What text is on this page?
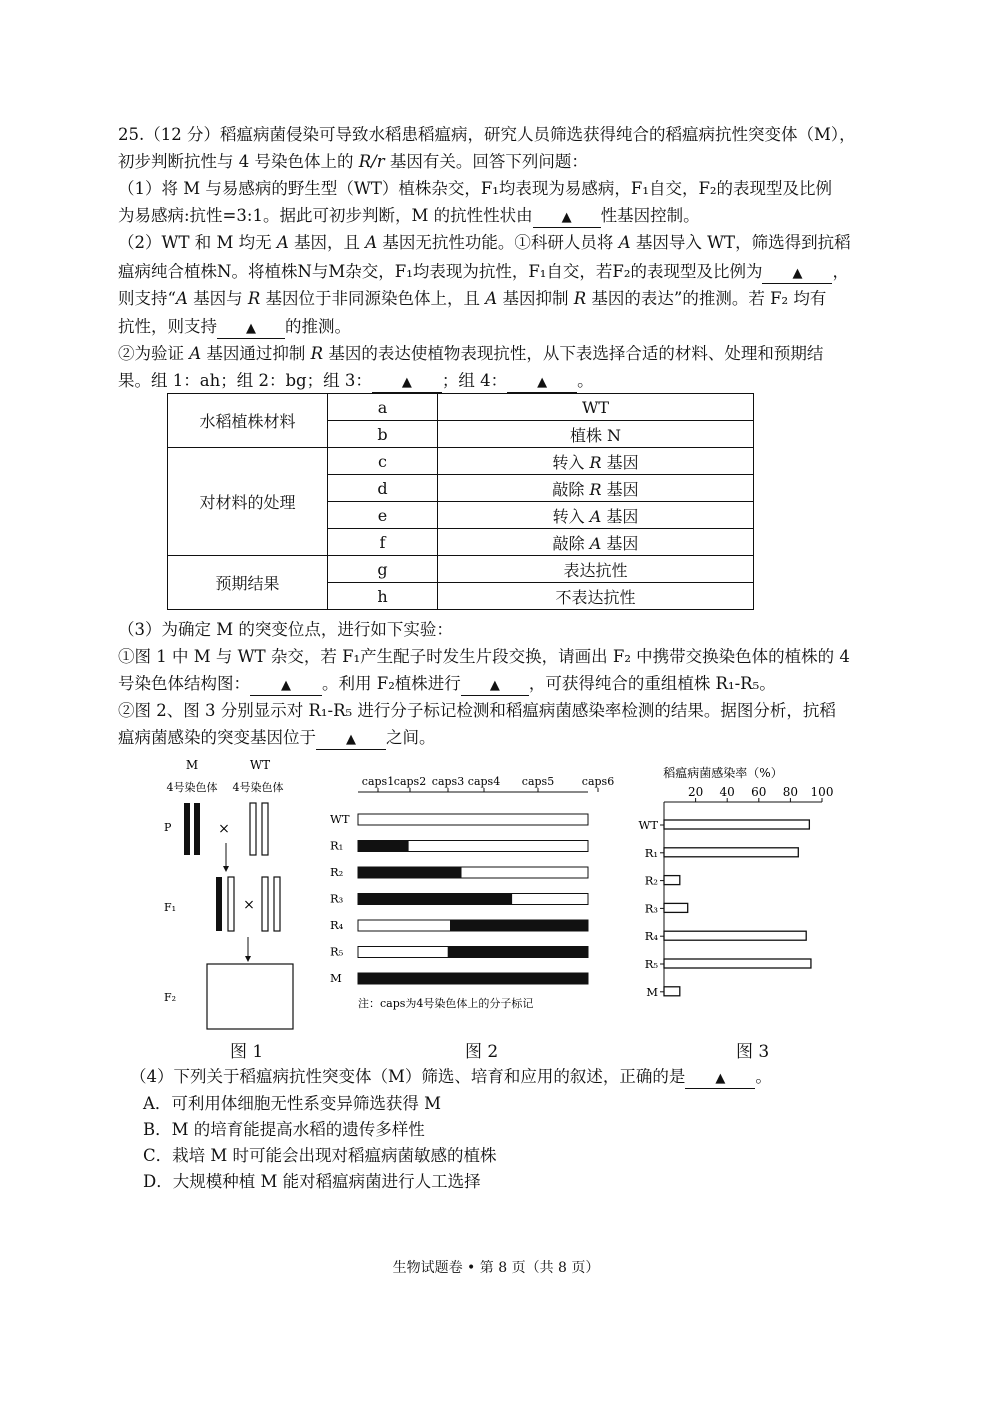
25.（12 分）稻瘟病菌侵染可导致水稻患稻瘟病，研究人员筛选获得纯合的稻瘟病抗性突变体（M），
初步判断抗性与 4 号染色体上的 R/r 基因有关。回答下列问题：
（1）将 M 与易感病的野生型（WT）植株杂交，F₁均表现为易感病，F₁自交，F₂的表现型及比例
为易感病:抗性=3:1。据此可初步判断，M 的抗性性状由 ▲ 性基因控制。
（2）WT 和 M 均无 A 基因，且 A 基因无抗性功能。①科研人员将 A 基因导入 WT，筛选得到抗稻
瘟病纯合植株N。将植株N与M杂交，F₁均表现为抗性，F₁自交，若F₂的表现型及比例为 ▲ ，
则支持“A 基因与 R 基因位于非同源染色体上，且 A 基因抑制 R 基因的表达”的推测。若 F₂ 均有
抗性，则支持 ▲ 的推测。
②为验证 A 基因通过抑制 R 基因的表达使植物表现抗性，从下表选择合适的材料、处理和预期结
果。组 1：ah；组 2：bg；组 3： ▲ ；组 4： ▲ 。
水稻植株材料	a	WT
	b	植株 N
对材料的处理	c	转入 R 基因
	d	敲除 R 基因
	e	转入 A 基因
	f	敲除 A 基因
预期结果	g	表达抗性
	h	不表达抗性
（3）为确定 M 的突变位点，进行如下实验：
①图 1 中 M 与 WT 杂交，若 F₁产生配子时发生片段交换，请画出 F₂ 中携带交换染色体的植株的 4
号染色体结构图： ▲ 。利用 F₂植株进行 ▲ ，可获得纯合的重组植株 R₁-R₅。
②图 2、图 3 分别显示对 R₁-R₅ 进行分子标记检测和稻瘟病菌感染率检测的结果。据图分析，抗稻
瘟病菌感染的突变基因位于 ▲ 之间。
M	WT
4号染色体 4号染色体
P	×
F₁	×
F₂
图 1
caps1 caps2 caps3 caps4 caps5	caps6
WT
R₁
R₂
R₃
R₄
R₅
M
注：caps为4号染色体上的分子标记
图 2
稻瘟病菌感染率（%）
20 40 60 80 100
WT
R₁
R₂
R₃
R₄
R₅
M
图 3
（4）下列关于稻瘟病抗性突变体（M）筛选、培育和应用的叙述，正确的是 ▲ 。
A．可利用体细胞无性系变异筛选获得 M
B．M 的培育能提高水稻的遗传多样性
C．栽培 M 时可能会出现对稻瘟病菌敏感的植株
D．大规模种植 M 能对稻瘟病菌进行人工选择
生物试题卷 • 第 8 页（共 8 页）
